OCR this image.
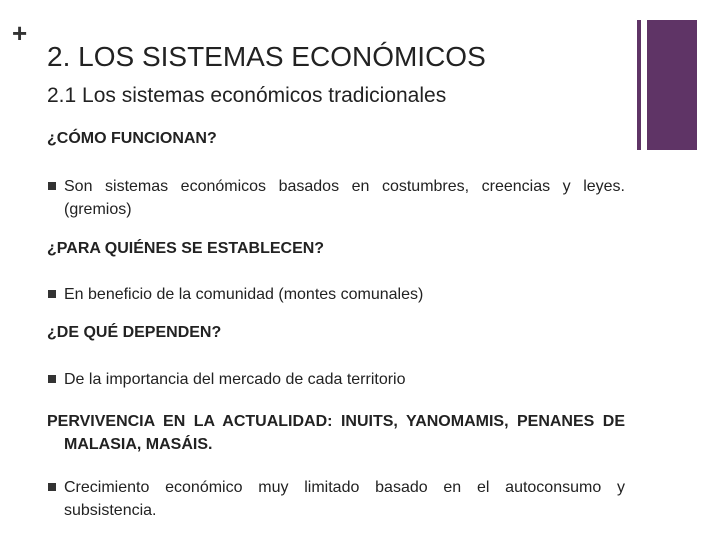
+
2. LOS SISTEMAS ECONÓMICOS
2.1 Los sistemas económicos tradicionales

¿CÓMO FUNCIONAN?

Son sistemas económicos basados en costumbres, creencias y leyes. (gremios)

¿PARA QUIÉNES SE ESTABLECEN?

En beneficio de la comunidad (montes comunales)

¿DE QUÉ DEPENDEN?

De la importancia del mercado de cada territorio

PERVIVENCIA EN LA ACTUALIDAD: INUITS, YANOMAMIS, PENANES DE MALASIA, MASÁIS.

Crecimiento económico muy limitado basado en el autoconsumo y subsistencia.
